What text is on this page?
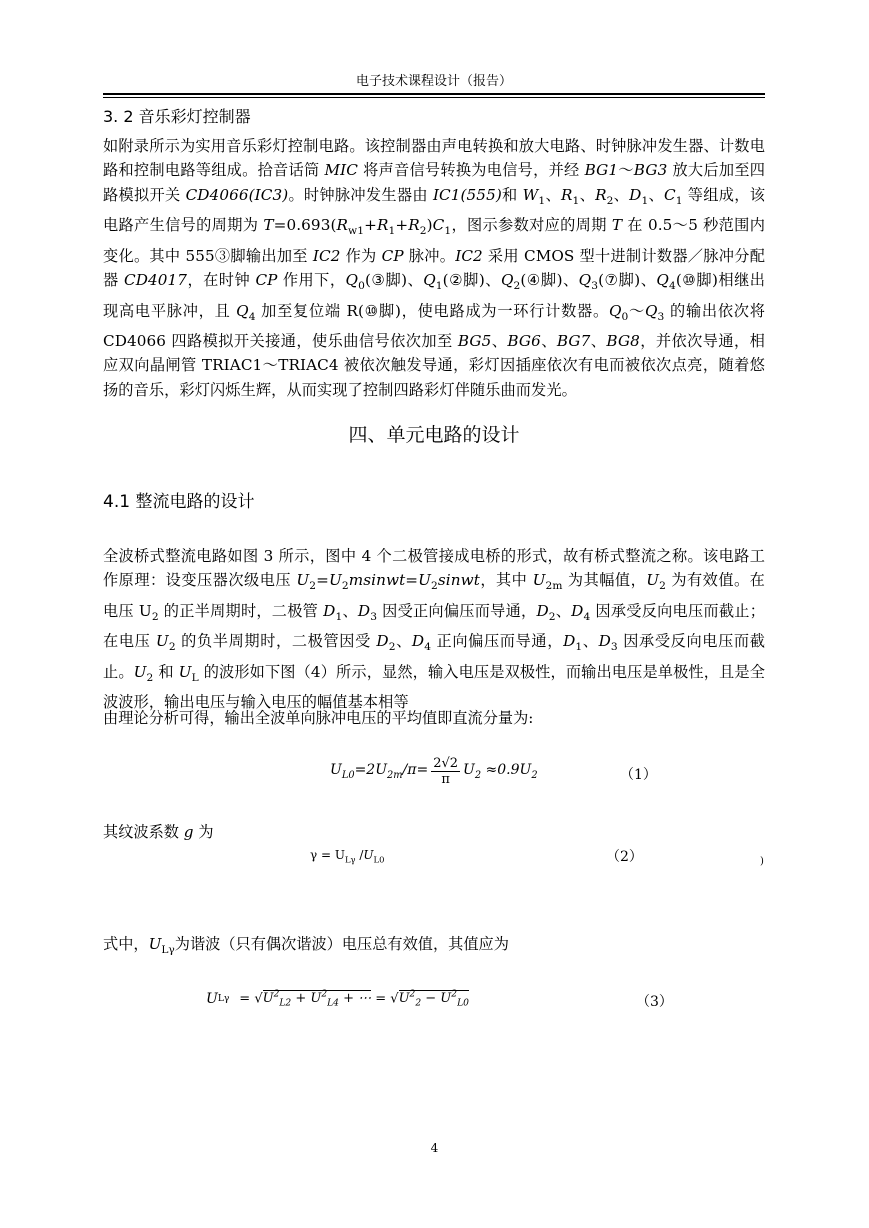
电子技术课程设计（报告）
3. 2 音乐彩灯控制器
如附录所示为实用音乐彩灯控制电路。该控制器由声电转换和放大电路、时钟脉冲发生器、计数电路和控制电路等组成。拾音话筒 MIC 将声音信号转换为电信号，并经 BG1～BG3 放大后加至四路模拟开关 CD4066(IC3)。时钟脉冲发生器由 IC1(555)和 $W_1$、$R_1$、$R_2$、$D_1$、$C_1$ 等组成，该电路产生信号的周期为 $T=0.693(R_{w1}+R_1+R_2)C_1$，图示参数对应的周期 T 在 0.5～5 秒范围内变化。其中 555③脚输出加至 IC2 作为 CP 脉冲。IC2 采用 CMOS 型十进制计数器／脉冲分配器 CD4017，在时钟 CP 作用下，$Q_0(③$脚)、$Q_1(②$脚)、$Q_2(④$脚)、$Q_3(⑦$脚)、$Q_4(⑩$脚)相继出现高电平脉冲，且 $Q_4$ 加至复位端 R(⑩脚)，使电路成为一环行计数器。$Q_0\sim Q_3$ 的输出依次将 CD4066 四路模拟开关接通，使乐曲信号依次加至 BG5、BG6、BG7、BG8，并依次导通，相应双向晶闸管 TRIAC1～TRIAC4 被依次触发导通，彩灯因插座依次有电而被依次点亮，随着悠扬的音乐，彩灯闪烁生辉，从而实现了控制四路彩灯伴随乐曲而发光。
四、单元电路的设计
4.1 整流电路的设计
全波桥式整流电路如图 3 所示，图中 4 个二极管接成电桥的形式，故有桥式整流之称。该电路工作原理：设变压器次级电压 $U_2=U_2msinwt=U_2sinwt$，其中 $U_{2m}$ 为其幅值，$U_2$ 为有效值。在电压 $U_2$ 的正半周期时，二极管 $D_1$、$D_3$ 因受正向偏压而导通，$D_2$、$D_4$ 因承受反向电压而截止；在电压 $U_2$ 的负半周期时，二极管因受 $D_2$、$D_4$ 正向偏压而导通，$D_1$、$D_3$ 因承受反向电压而截止。$U_2$ 和 $U_L$ 的波形如下图（4）所示，显然，输入电压是双极性，而输出电压是单极性，且是全波波形，输出电压与输入电压的幅值基本相等
由理论分析可得，输出全波单向脉冲电压的平均值即直流分量为:
$U_{L0}=2U_{2m}/\pi= \frac{2√2}{\pi} U_2 \approx 0.9U_2$	（1）
其纹波系数 g 为
$\gamma = U_{L\gamma}$ $/U_{L0}$	（2）	)
式中，$U_{L\gamma}$为谐波（只有偶次谐波）电压总有效值，其值应为
U $L\gamma = √U^2_{L2} + U^2_{L4}$ + ⋯ = $√U^2_2 - U^2_{L0}$	（3）
4
